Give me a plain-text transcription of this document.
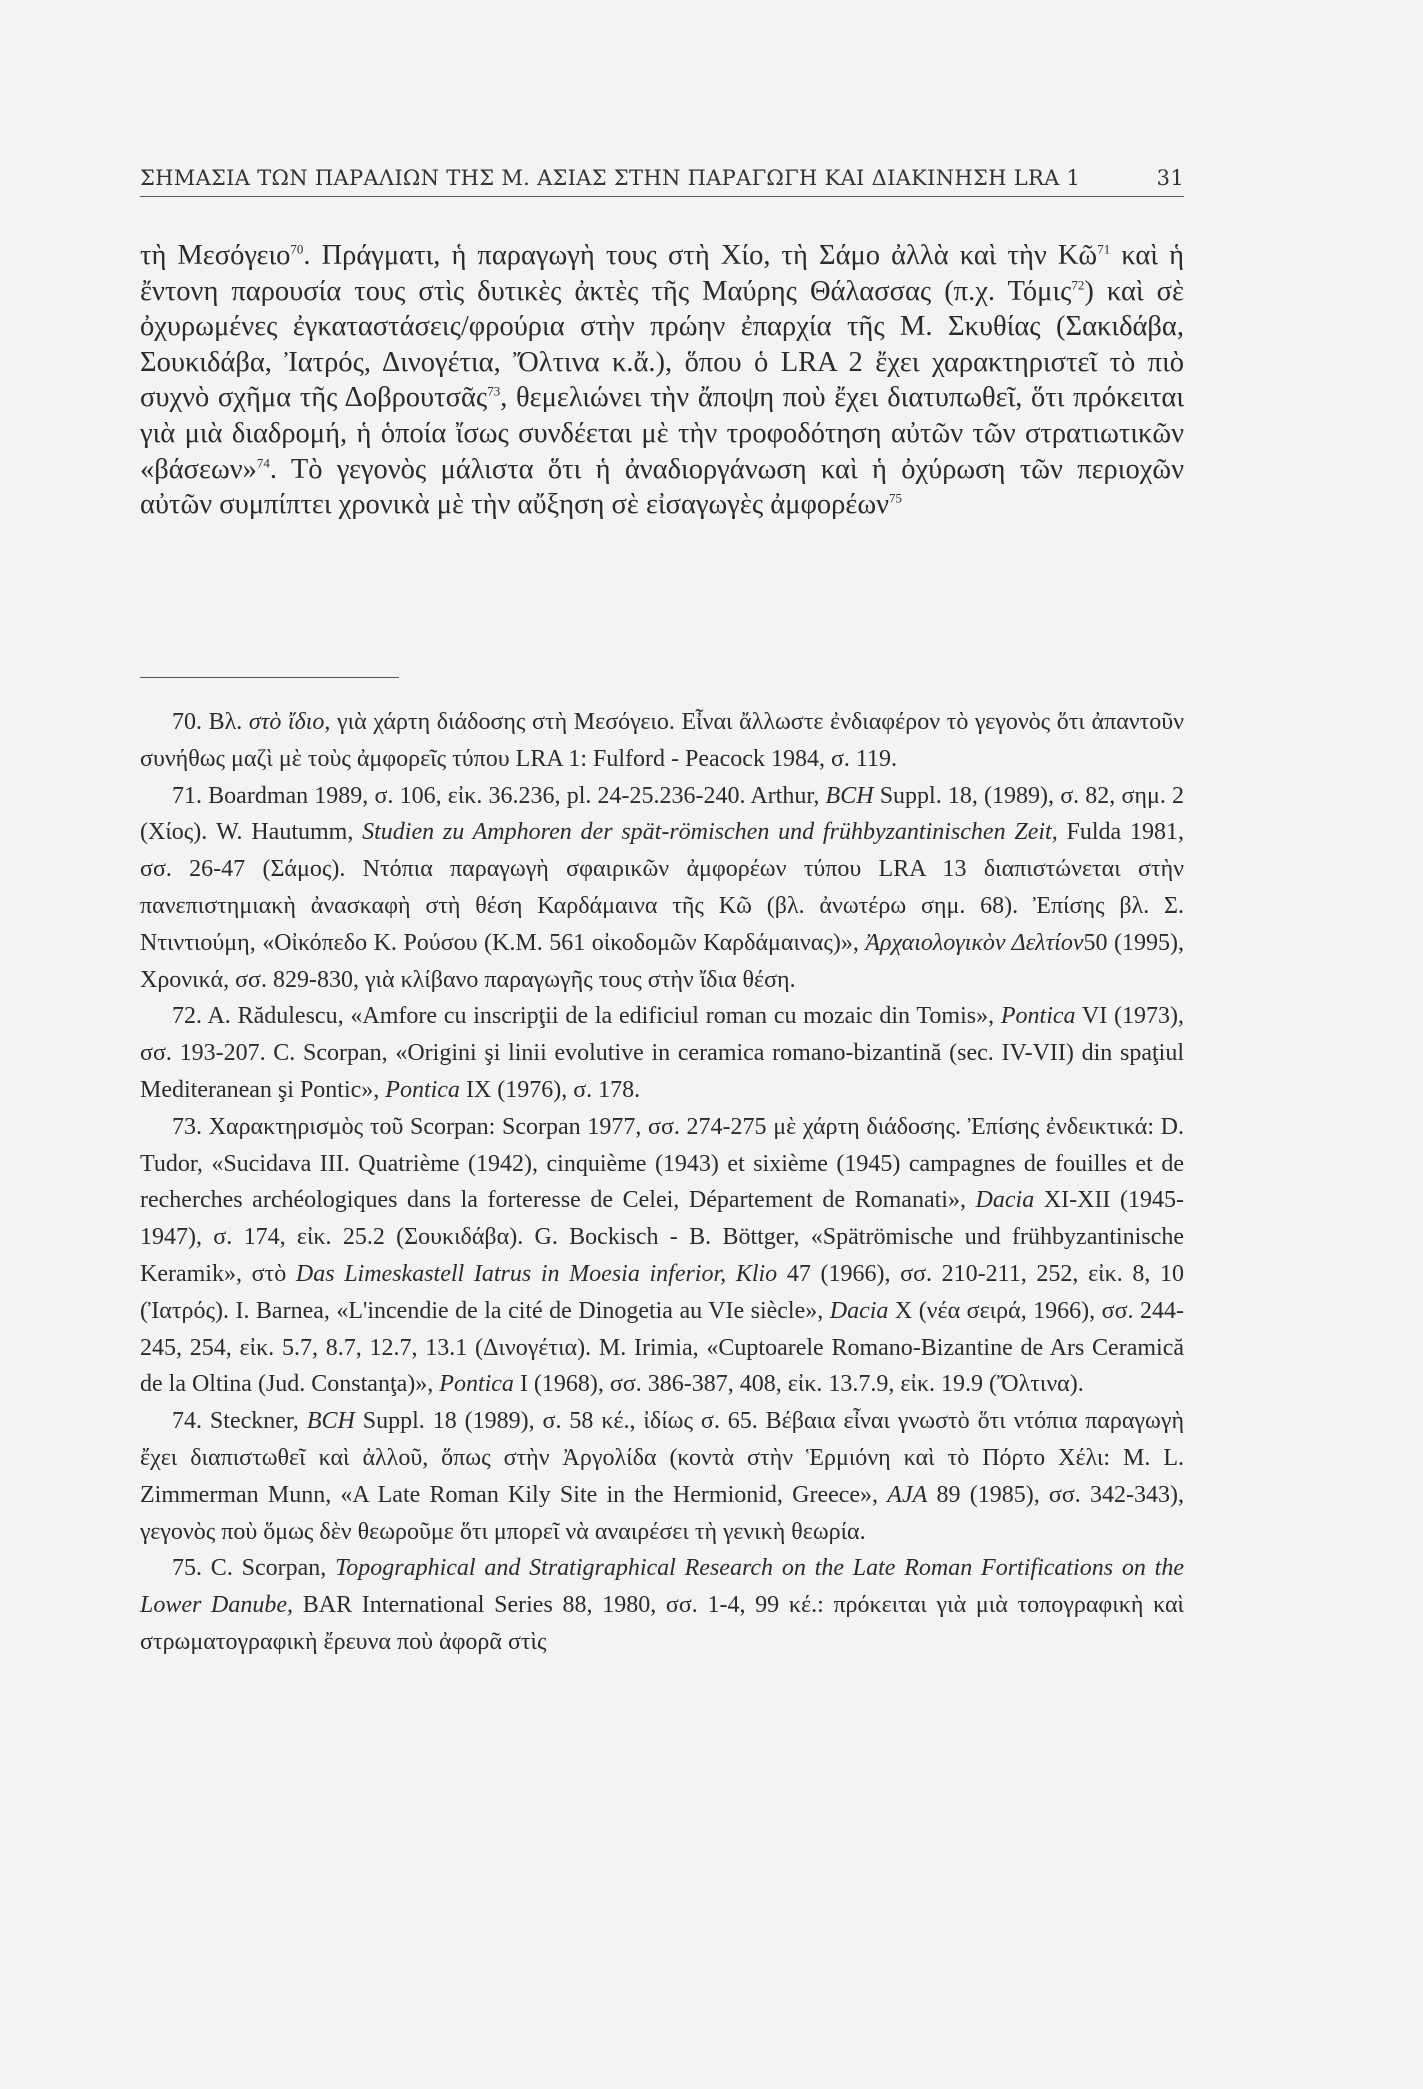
ΣΗΜΑΣΙΑ ΤΩΝ ΠΑΡΑΛΙΩΝ ΤΗΣ Μ. ΑΣΙΑΣ ΣΤΗΝ ΠΑΡΑΓΩΓΗ ΚΑΙ ΔΙΑΚΙΝΗΣΗ LRA 1	31

τὴ Μεσόγειο$^{70}$. Πράγματι, ἡ παραγωγὴ τους στὴ Χίο, τὴ Σάμο ἀλλὰ καὶ τὴν Κῶ$^{71}$ καὶ ἡ ἔντονη παρουσία τους στὶς δυτικὲς ἀκτὲς τῆς Μαύρης Θάλασσας (π.χ. Τόμις$^{72}$) καὶ σὲ ὀχυρωμένες ἐγκαταστάσεις/φρούρια στὴν πρώην ἐπαρχία τῆς Μ. Σκυθίας (Σακιδάβα, Σουκιδάβα, Ἰατρός, Δινογέτια, Ὄλτινα κ.ἄ.), ὅπου ὁ LRA 2 ἔχει χαρακτηριστεῖ τὸ πιὸ συχνὸ σχῆμα τῆς Δοβρουτσᾶς$^{73}$, θεμελιώνει τὴν ἄποψη ποὺ ἔχει διατυπωθεῖ, ὅτι πρόκειται γιὰ μιὰ διαδρομή, ἡ ὁποία ἴσως συνδέεται μὲ τὴν τροφοδότηση αὐτῶν τῶν στρατιωτικῶν «βάσεων»$^{74}$. Τὸ γεγονὸς μάλιστα ὅτι ἡ ἀναδιοργάνωση καὶ ἡ ὀχύρωση τῶν περιοχῶν αὐτῶν συμπίπτει χρονικὰ μὲ τὴν αὔξηση σὲ εἰσαγωγὲς ἀμφορέων$^{75}$

70. Βλ. στὸ ἴδιο, γιὰ χάρτη διάδοσης στὴ Μεσόγειο. Εἶναι ἄλλωστε ἐνδιαφέρον τὸ γεγονὸς ὅτι ἀπαντοῦν συνήθως μαζὶ μὲ τοὺς ἀμφορεῖς τύπου LRA 1: Fulford - Peacock 1984, σ. 119.

71. Boardman 1989, σ. 106, εἰκ. 36.236, pl. 24-25.236-240. Arthur, BCH Suppl. 18, (1989), σ. 82, σημ. 2 (Χίος). W. Hautumm, Studien zu Amphoren der spät-römischen und frühbyzantinischen Zeit, Fulda 1981, σσ. 26-47 (Σάμος). Ντόπια παραγωγὴ σφαιρικῶν ἀμφορέων τύπου LRA 13 διαπιστώνεται στὴν πανεπιστημιακὴ ἀνασκαφὴ στὴ θέση Καρδάμαινα τῆς Κῶ (βλ. ἀνωτέρω σημ. 68). Ἐπίσης βλ. Σ. Ντιντιούμη, «Οἰκόπεδο Κ. Ρούσου (Κ.Μ. 561 οἰκοδομῶν Καρδάμαινας)», Ἀρχαιολογικὸν Δελτίον50 (1995), Χρονικά, σσ. 829-830, γιὰ κλίβανο παραγωγῆς τους στὴν ἴδια θέση.

72. A. Rădulescu, «Amfore cu inscripţii de la edificiul roman cu mozaic din Tomis», Pontica VI (1973), σσ. 193-207. C. Scorpan, «Origini şi linii evolutive in ceramica romano-bizantină (sec. IV-VII) din spaţiul Mediteranean şi Pontic», Pontica IX (1976), σ. 178.

73. Χαρακτηρισμὸς τοῦ Scorpan: Scorpan 1977, σσ. 274-275 μὲ χάρτη διάδοσης. Ἐπίσης ἐνδεικτικά: D. Tudor, «Sucidava III. Quatrième (1942), cinquième (1943) et sixième (1945) campagnes de fouilles et de recherches archéologiques dans la forteresse de Celei, Département de Romanati», Dacia XI-XII (1945-1947), σ. 174, εἰκ. 25.2 (Σουκιδάβα). G. Bockisch - B. Böttger, «Spätrömische und frühbyzantinische Keramik», στὸ Das Limeskastell Iatrus in Moesia inferior, Klio 47 (1966), σσ. 210-211, 252, εἰκ. 8, 10 (Ἰατρός). I. Barnea, «L'incendie de la cité de Dinogetia au VIe siècle», Dacia X (νέα σειρά, 1966), σσ. 244-245, 254, εἰκ. 5.7, 8.7, 12.7, 13.1 (Δινογέτια). M. Irimia, «Cuptoarele Romano-Bizantine de Ars Ceramică de la Oltina (Jud. Constanţa)», Pontica I (1968), σσ. 386-387, 408, εἰκ. 13.7.9, εἰκ. 19.9 (Ὄλτινα).

74. Steckner, BCH Suppl. 18 (1989), σ. 58 κέ., ἰδίως σ. 65. Βέβαια εἶναι γνωστὸ ὅτι ντόπια παραγωγὴ ἔχει διαπιστωθεῖ καὶ ἀλλοῦ, ὅπως στὴν Ἀργολίδα (κοντὰ στὴν Ἑρμιόνη καὶ τὸ Πόρτο Χέλι: M. L. Zimmerman Munn, «A Late Roman Kily Site in the Hermionid, Greece», AJA 89 (1985), σσ. 342-343), γεγονὸς ποὺ ὅμως δὲν θεωροῦμε ὅτι μπορεῖ νὰ αναιρέσει τὴ γενικὴ θεωρία.

75. C. Scorpan, Topographical and Stratigraphical Research on the Late Roman Fortifications on the Lower Danube, BAR International Series 88, 1980, σσ. 1-4, 99 κέ.: πρόκειται γιὰ μιὰ τοπογραφικὴ καὶ στρωματογραφικὴ ἔρευνα ποὺ ἀφορᾶ στὶς
